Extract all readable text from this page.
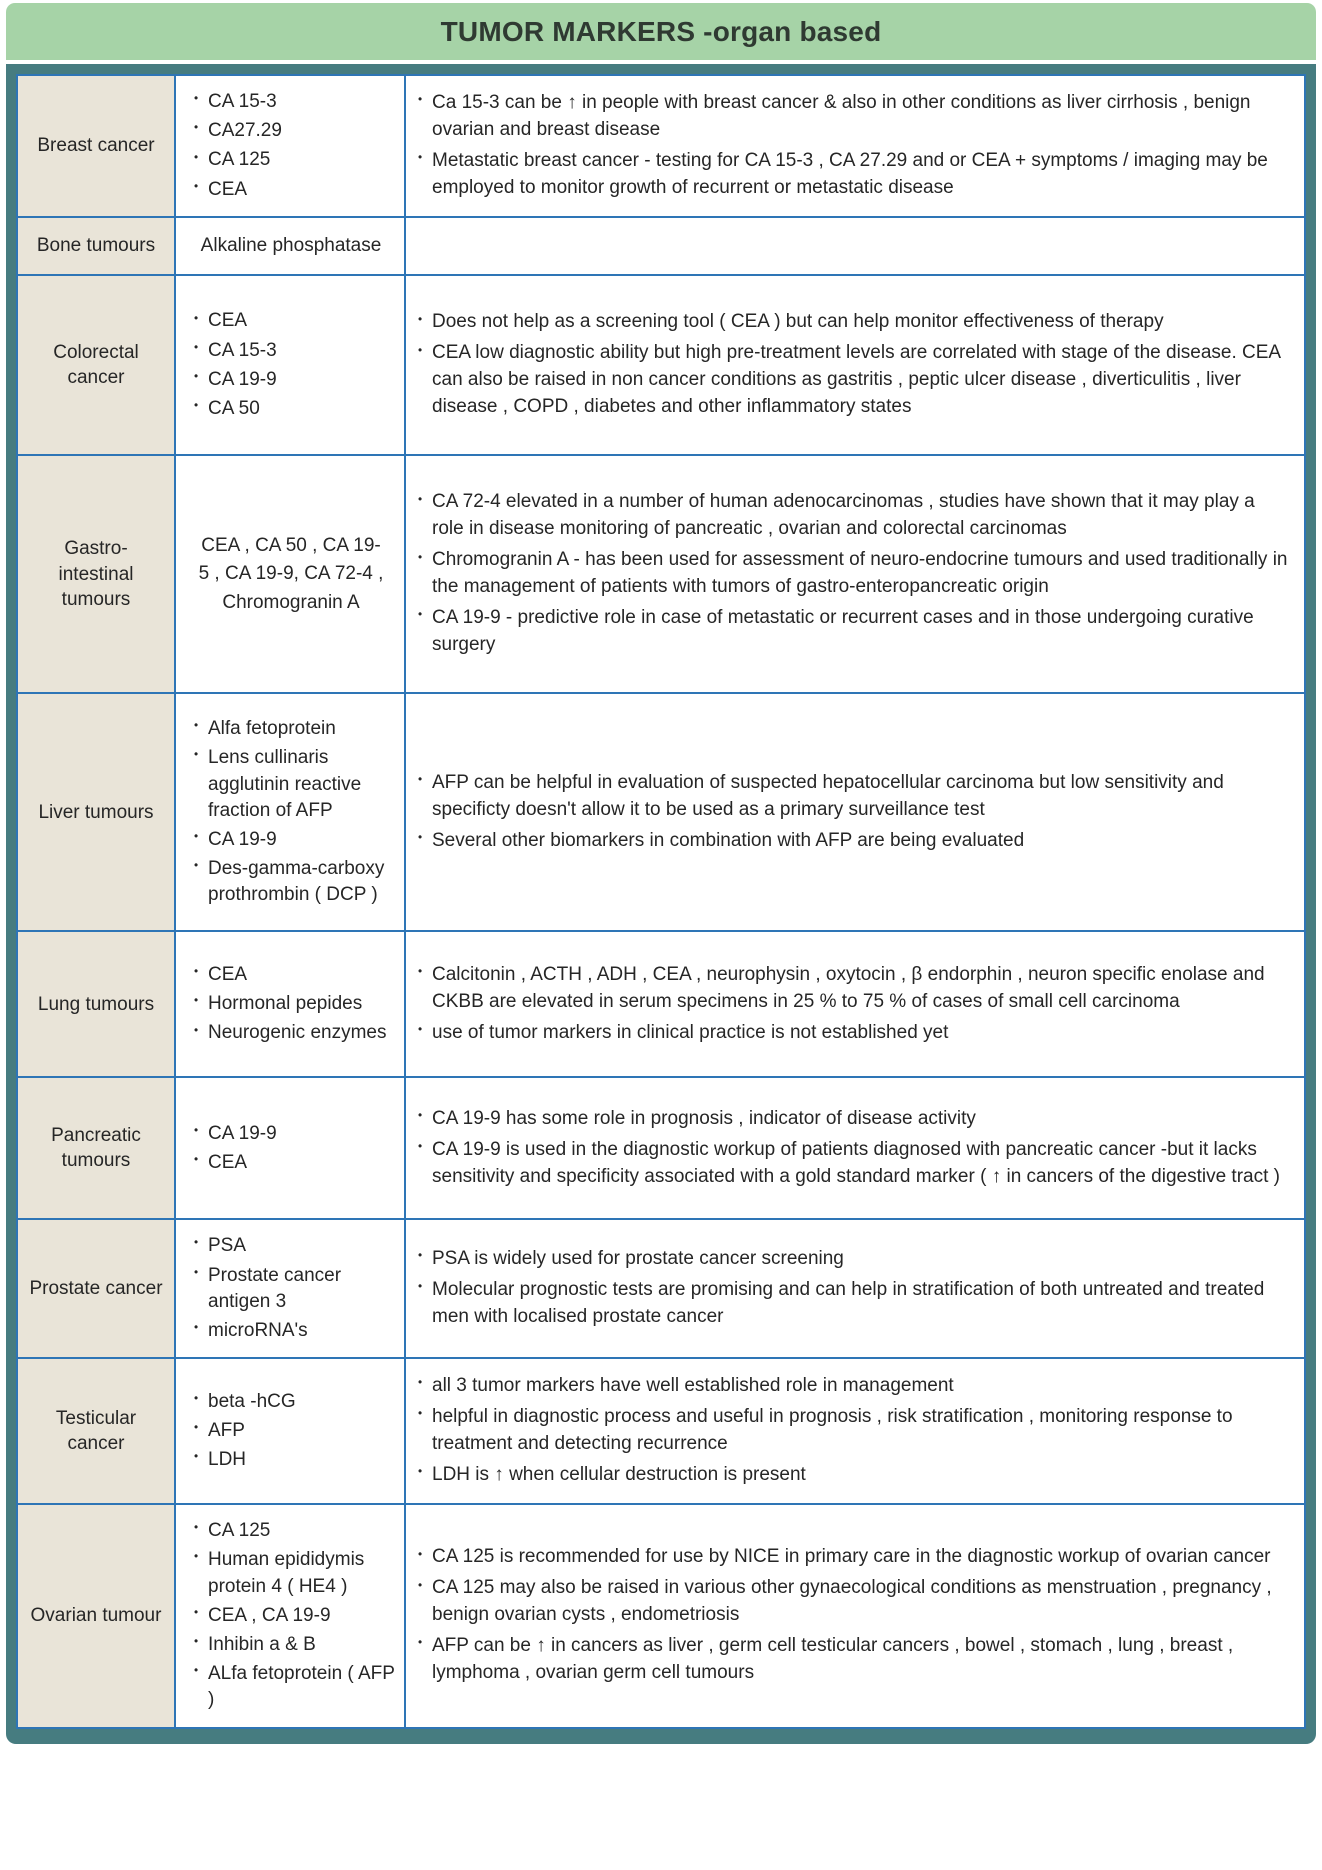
TUMOR MARKERS -organ based
Breast cancer
• CA 15-3
• CA27.29
• CA 125
• CEA
• Ca 15-3 can be ↑ in people with breast cancer & also in other conditions as liver cirrhosis , benign ovarian and breast disease
• Metastatic breast cancer - testing for CA 15-3 , CA 27.29 and or CEA + symptoms / imaging may be employed to monitor growth of recurrent or metastatic disease
Bone tumours	Alkaline phosphatase
Colorectal cancer
• CEA
• CA 15-3
• CA 19-9
• CA 50
• Does not help as a screening tool ( CEA ) but can help monitor effectiveness of therapy
• CEA low diagnostic ability but high pre-treatment levels are correlated with stage of the disease. CEA can also be raised in non cancer conditions as gastritis , peptic ulcer disease , diverticulitis , liver disease , COPD , diabetes and other inflammatory states
Gastro-intestinal tumours
CEA , CA 50 , CA 19-5 , CA 19-9, CA 72-4 , Chromogranin A
• CA 72-4 elevated in a number of human adenocarcinomas , studies have shown that it may play a role in disease monitoring of pancreatic , ovarian and colorectal carcinomas
• Chromogranin A - has been used for assessment of neuro-endocrine tumours and used traditionally in the management of patients with tumors of gastro-enteropancreatic origin
• CA 19-9 - predictive role in case of metastatic or recurrent cases and in those undergoing curative surgery
Liver tumours
• Alfa fetoprotein
• Lens cullinaris agglutinin reactive fraction of AFP
• CA 19-9
• Des-gamma-carboxy prothrombin ( DCP )
• AFP can be helpful in evaluation of suspected hepatocellular carcinoma but low sensitivity and specificty doesn't allow it to be used as a primary surveillance test
• Several other biomarkers in combination with AFP are being evaluated
Lung tumours
• CEA
• Hormonal pepides
• Neurogenic enzymes
• Calcitonin , ACTH , ADH , CEA , neurophysin , oxytocin , β endorphin , neuron specific enolase and CKBB are elevated in serum specimens in 25 % to 75 % of cases of small cell carcinoma
• use of tumor markers in clinical practice is not established yet
Pancreatic tumours
• CA 19-9
• CEA
• CA 19-9 has some role in prognosis , indicator of disease activity
• CA 19-9 is used in the diagnostic workup of patients diagnosed with pancreatic cancer -but it lacks sensitivity and specificity associated with a gold standard marker ( ↑ in cancers of the digestive tract )
Prostate cancer
• PSA
• Prostate cancer antigen 3
• microRNA's
• PSA is widely used for prostate cancer screening
• Molecular prognostic tests are promising and can help in stratification of both untreated and treated men with localised prostate cancer
Testicular cancer
• beta -hCG
• AFP
• LDH
• all 3 tumor markers have well established role in management
• helpful in diagnostic process and useful in prognosis , risk stratification , monitoring response to treatment and detecting recurrence
• LDH is ↑ when cellular destruction is present
Ovarian tumour
• CA 125
• Human epididymis protein 4 ( HE4 )
• CEA , CA 19-9
• Inhibin a & B
• ALfa fetoprotein ( AFP )
• CA 125 is recommended for use by NICE in primary care in the diagnostic workup of ovarian cancer
• CA 125 may also be raised in various other gynaecological conditions as menstruation , pregnancy , benign ovarian cysts , endometriosis
• AFP can be ↑ in cancers as liver , germ cell testicular cancers , bowel , stomach , lung , breast , lymphoma , ovarian germ cell tumours
